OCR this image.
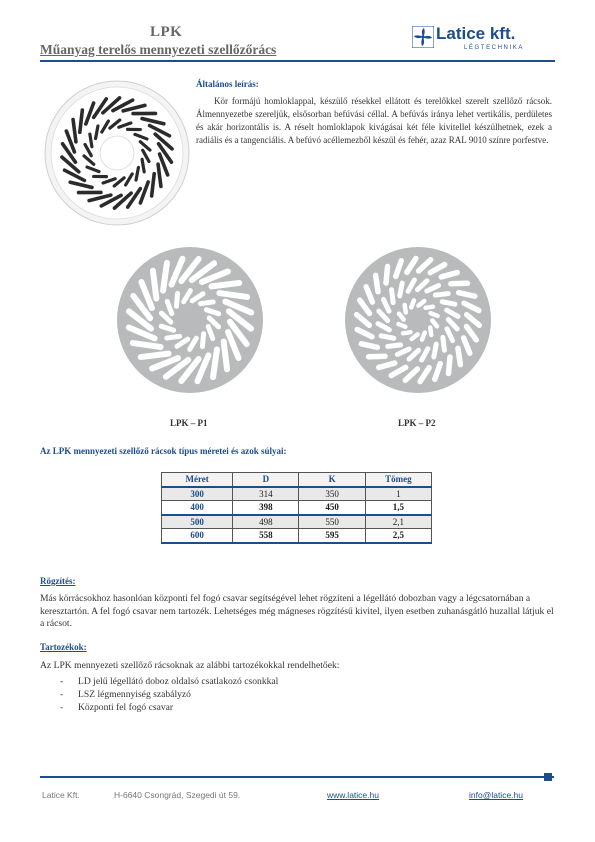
LPK
Műanyag terelős mennyezeti szellőzőrács
Latice kft.
LÉGTECHNIKA
Általános leírás:
Kör formájú homloklappal, készülő résekkel ellátott és terelőkkel szerelt szellőző rácsok. Álmennyezetbe szereljük, elsősorban befúvási céllal. A befúvás iránya lehet vertikális, perdületes és akár horizontális is. A réselt homloklapok kivágásai két féle kivitellel készülhetnek, ezek a radiális és a tangenciális. A befúvó acéllemezből készül és fehér, azaz RAL 9010 színre porfestve.
LPK – P1	LPK – P2
Az LPK mennyezeti szellőző rácsok típus méretei és azok súlyai:
Méret	D	K	Tömeg
300	314	350	1
400	398	450	1,5
500	498	550	2,1
600	558	595	2,5
Rögzítés:
Más körrácsokhoz hasonlóan központi fel fogó csavar segítségével lehet rögzíteni a légellátó dobozban vagy a légcsatornában a keresztartón. A fel fogó csavar nem tartozék. Lehetséges még mágneses rögzítésű kivitel, ilyen esetben zuhanásgátló huzallal látjuk el a rácsot.
Tartozékok:
Az LPK mennyezeti szellőző rácsoknak az alábbi tartozékokkal rendelhetőek:
- LD jelű légellátó doboz oldalsó csatlakozó csonkkal
- LSZ légmennyiség szabályzó
- Központi fel fogó csavar
Latice Kft.	H-6640 Csongrád, Szegedi út 59.	www.latice.hu	info@latice.hu
